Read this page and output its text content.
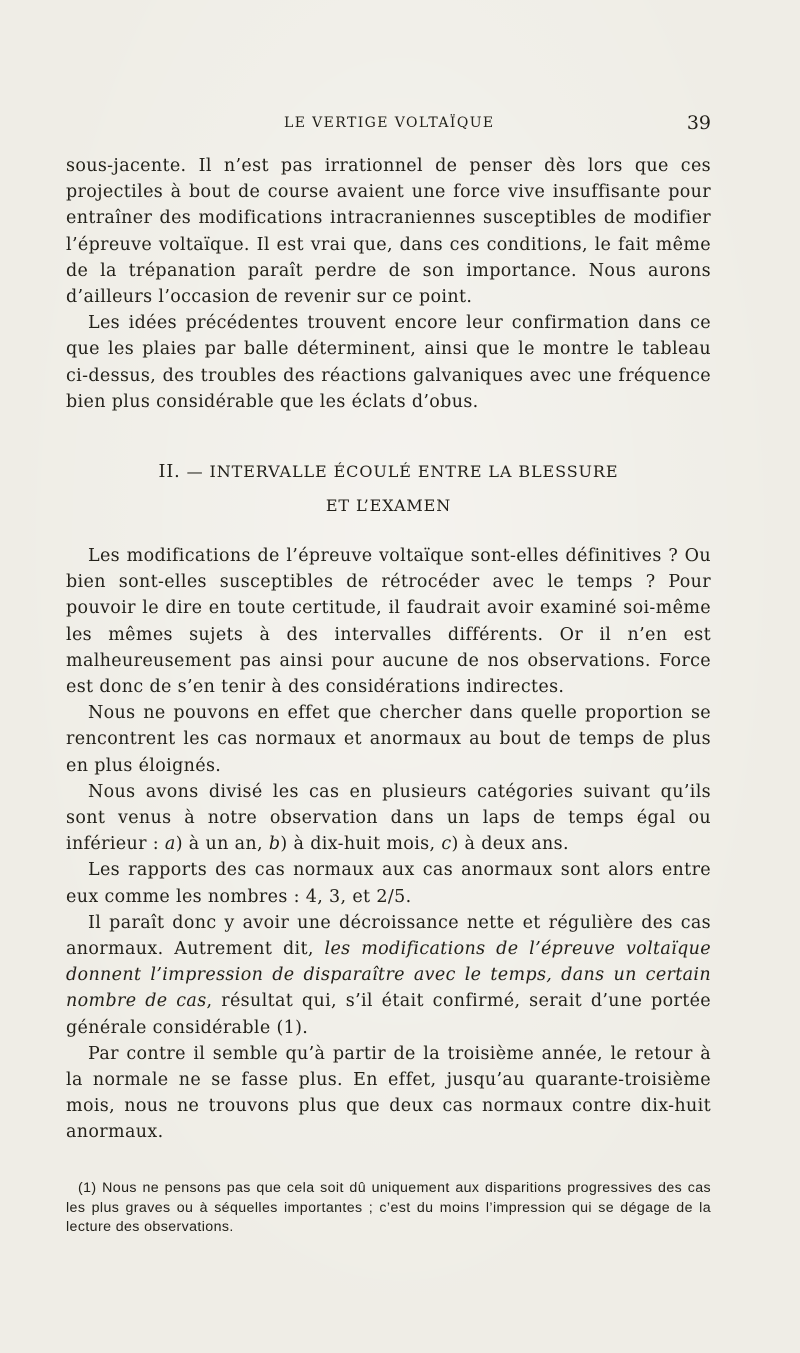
LE VERTIGE VOLTAÏQUE	39

sous-jacente. Il n’est pas irrationnel de penser dès lors que ces projectiles à bout de course avaient une force vive insuffisante pour entraîner des modifications intracraniennes susceptibles de modifier l’épreuve voltaïque. Il est vrai que, dans ces conditions, le fait même de la trépanation paraît perdre de son importance. Nous aurons d’ailleurs l’occasion de revenir sur ce point.

Les idées précédentes trouvent encore leur confirmation dans ce que les plaies par balle déterminent, ainsi que le montre le tableau ci-dessus, des troubles des réactions galvaniques avec une fréquence bien plus considérable que les éclats d’obus.

II. — INTERVALLE ÉCOULÉ ENTRE LA BLESSURE
ET L’EXAMEN

Les modifications de l’épreuve voltaïque sont-elles définitives ? Ou bien sont-elles susceptibles de rétrocéder avec le temps ? Pour pouvoir le dire en toute certitude, il faudrait avoir examiné soi-même les mêmes sujets à des intervalles différents. Or il n’en est malheureusement pas ainsi pour aucune de nos observations. Force est donc de s’en tenir à des considérations indirectes.

Nous ne pouvons en effet que chercher dans quelle proportion se rencontrent les cas normaux et anormaux au bout de temps de plus en plus éloignés.

Nous avons divisé les cas en plusieurs catégories suivant qu’ils sont venus à notre observation dans un laps de temps égal ou inférieur : a) à un an, b) à dix-huit mois, c) à deux ans.

Les rapports des cas normaux aux cas anormaux sont alors entre eux comme les nombres : 4, 3, et 2/5.

Il paraît donc y avoir une décroissance nette et régulière des cas anormaux. Autrement dit, les modifications de l’épreuve voltaïque donnent l’impression de disparaître avec le temps, dans un certain nombre de cas, résultat qui, s’il était confirmé, serait d’une portée générale considérable (1).

Par contre il semble qu’à partir de la troisième année, le retour à la normale ne se fasse plus. En effet, jusqu’au quarante-troisième mois, nous ne trouvons plus que deux cas normaux contre dix-huit anormaux.

(1) Nous ne pensons pas que cela soit dû uniquement aux disparitions progressives des cas les plus graves ou à séquelles importantes ; c’est du moins l’impression qui se dégage de la lecture des observations.
